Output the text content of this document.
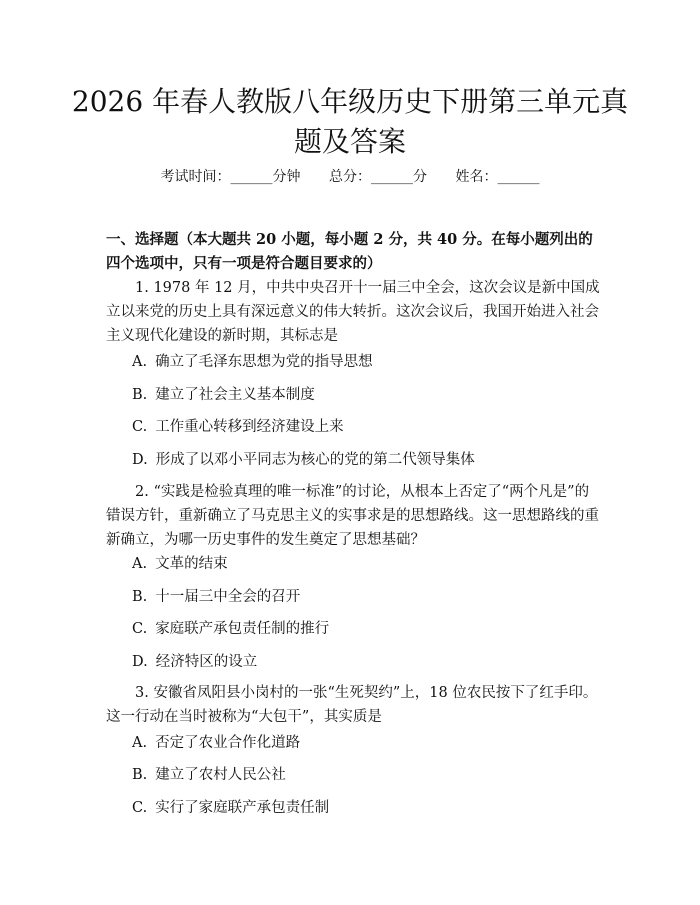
2026 年春人教版八年级历史下册第三单元真
题及答案
考试时间：______分钟 总分：______分 姓名：______

一、选择题（本大题共 20 小题，每小题 2 分，共 40 分。在每小题列出的四个选项中，只有一项是符合题目要求的）

1. 1978 年 12 月，中共中央召开十一届三中全会，这次会议是新中国成立以来党的历史上具有深远意义的伟大转折。这次会议后，我国开始进入社会主义现代化建设的新时期，其标志是

A. 确立了毛泽东思想为党的指导思想

B. 建立了社会主义基本制度

C. 工作重心转移到经济建设上来

D. 形成了以邓小平同志为核心的党的第二代领导集体

2. “实践是检验真理的唯一标准”的讨论，从根本上否定了“两个凡是”的错误方针，重新确立了马克思主义的实事求是的思想路线。这一思想路线的重新确立，为哪一历史事件的发生奠定了思想基础？

A. 文革的结束

B. 十一届三中全会的召开

C. 家庭联产承包责任制的推行

D. 经济特区的设立

3. 安徽省凤阳县小岗村的一张“生死契约”上，18 位农民按下了红手印。这一行动在当时被称为“大包干”，其实质是

A. 否定了农业合作化道路

B. 建立了农村人民公社

C. 实行了家庭联产承包责任制
